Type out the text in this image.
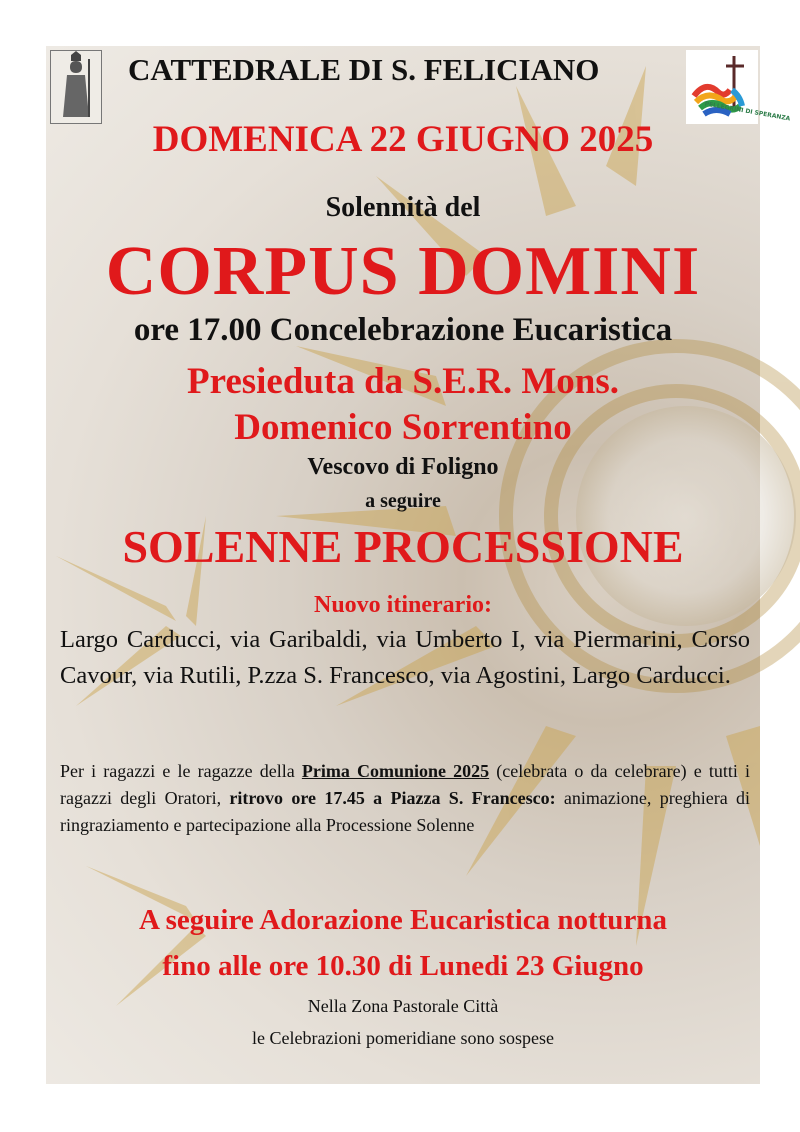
PELLEGRINI DI SPERANZA
CATTEDRALE DI S. FELICIANO
DOMENICA 22 GIUGNO 2025
Solennità del
CORPUS DOMINI
ore 17.00 Concelebrazione Eucaristica
Presieduta da S.E.R. Mons.
Domenico Sorrentino
Vescovo di Foligno
a seguire
SOLENNE PROCESSIONE
Nuovo itinerario:
Largo Carducci, via Garibaldi, via Umberto I, via Piermarini, Corso Cavour, via Rutili, P.zza S. Francesco, via Agostini, Largo Carducci.
Per i ragazzi e le ragazze della Prima Comunione 2025 (celebrata o da celebrare) e tutti i ragazzi degli Oratori, ritrovo ore 17.45 a Piazza S. Francesco: animazione, preghiera di ringraziamento e partecipazione alla Processione Solenne
A seguire Adorazione Eucaristica notturna
fino alle ore 10.30 di Lunedi 23 Giugno
Nella Zona Pastorale Città
le Celebrazioni pomeridiane sono sospese
